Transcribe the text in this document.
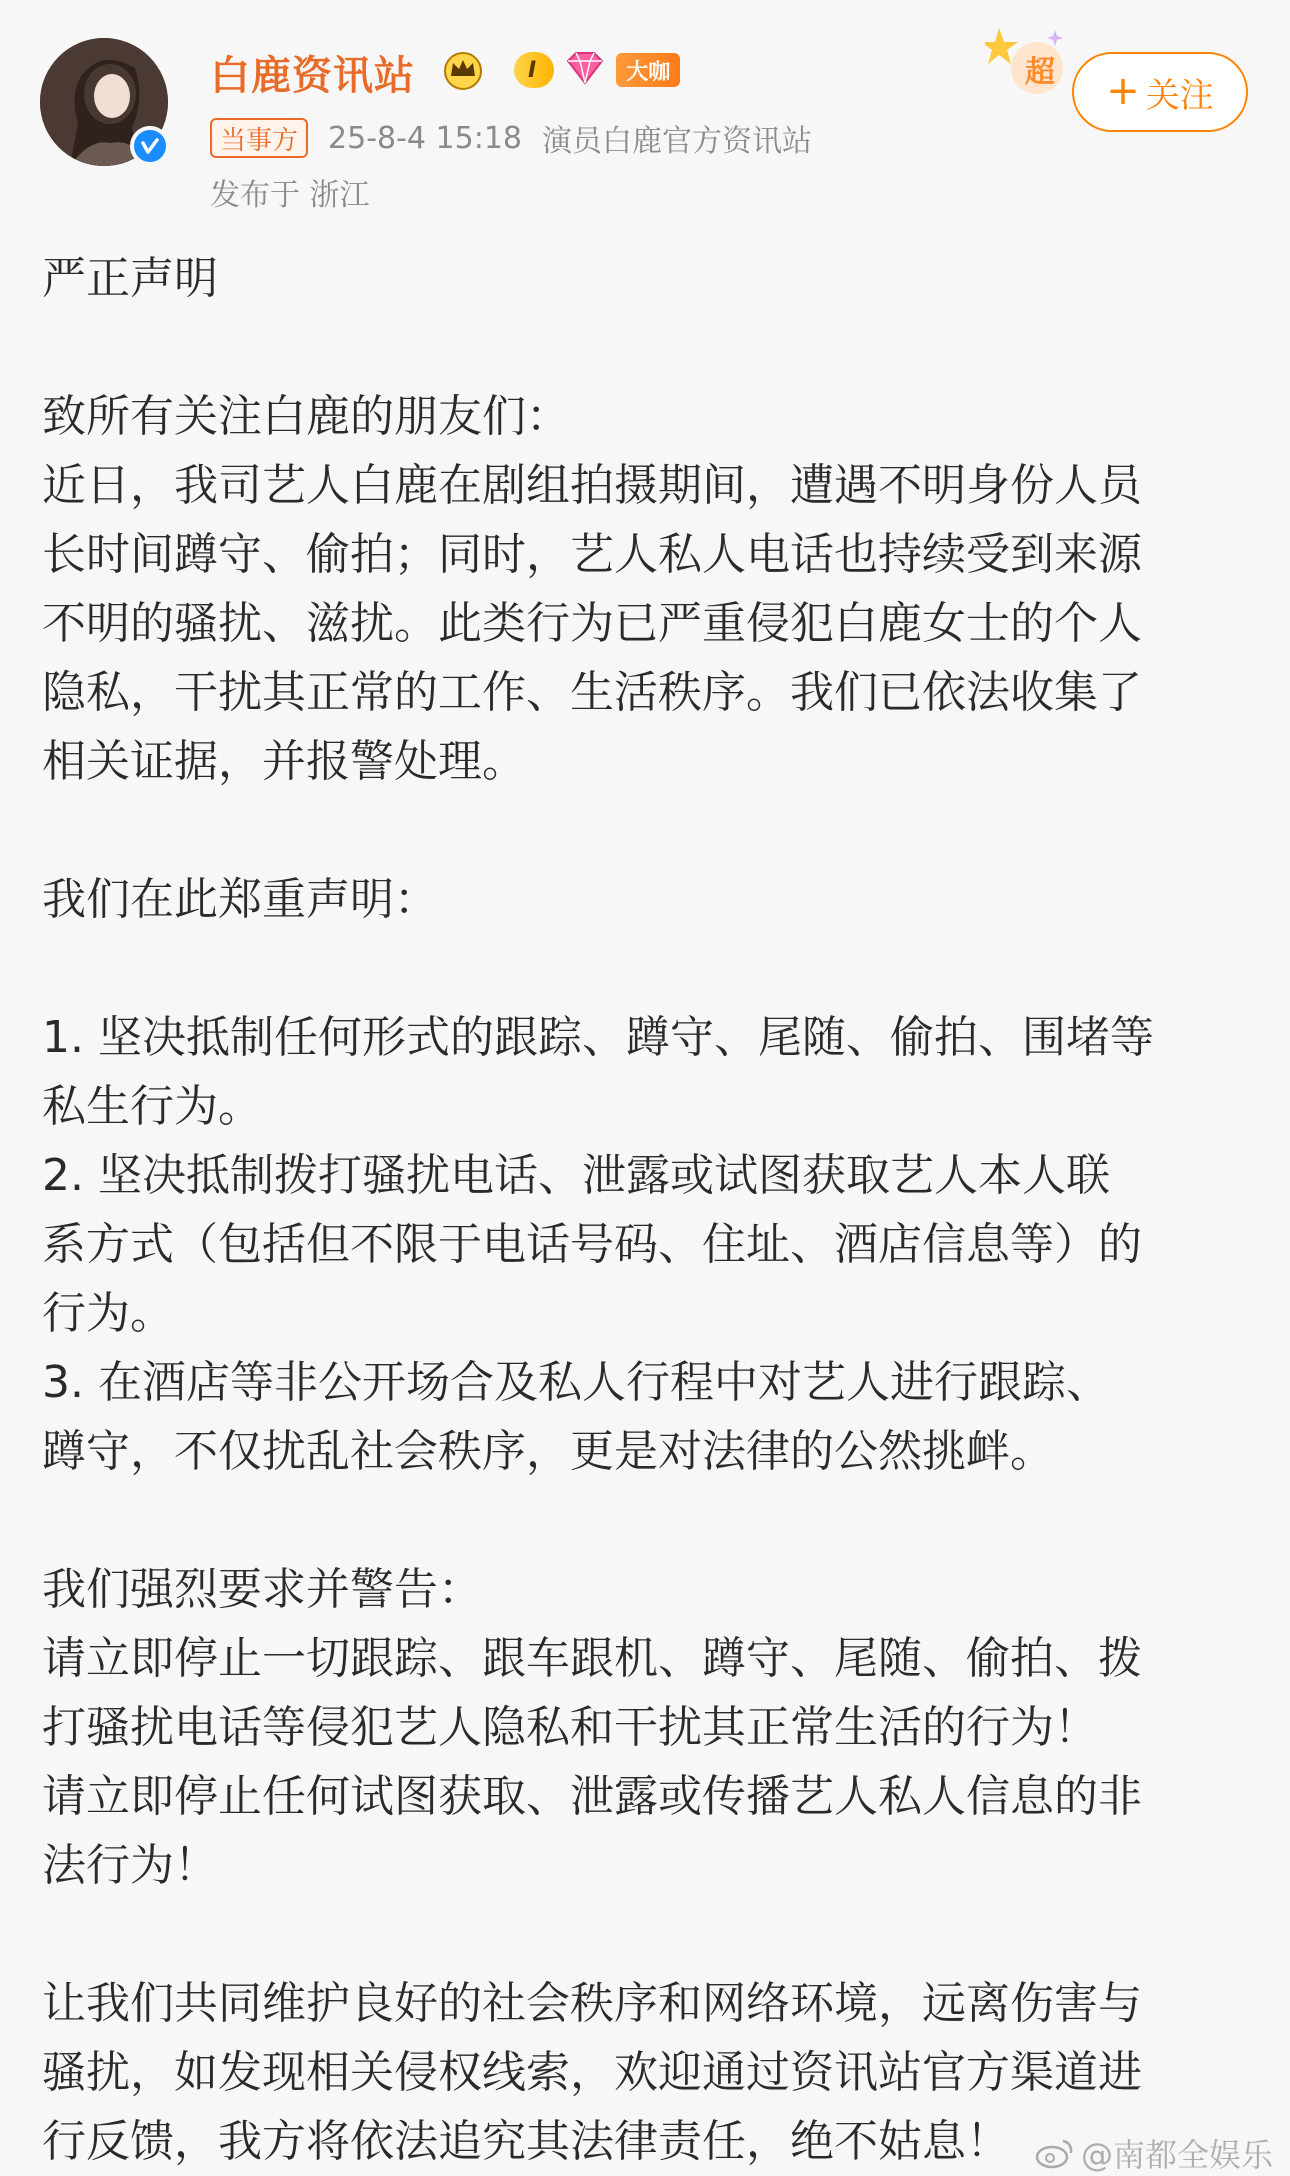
白鹿资讯站	I	大咖
当事方	25-8-4 15:18 演员白鹿官方资讯站
发布于 浙江
超 + 关注

严正声明

致所有关注白鹿的朋友们：

近日，我司艺人白鹿在剧组拍摄期间，遭遇不明身份人员

长时间蹲守、偷拍；同时，艺人私人电话也持续受到来源

不明的骚扰、滋扰。此类行为已严重侵犯白鹿女士的个人

隐私，干扰其正常的工作、生活秩序。我们已依法收集了

相关证据，并报警处理。

我们在此郑重声明：

1. 坚决抵制任何形式的跟踪、蹲守、尾随、偷拍、围堵等

私生行为。

2. 坚决抵制拨打骚扰电话、泄露或试图获取艺人本人联

系方式（包括但不限于电话号码、住址、酒店信息等）的

行为。

3. 在酒店等非公开场合及私人行程中对艺人进行跟踪、

蹲守，不仅扰乱社会秩序，更是对法律的公然挑衅。

我们强烈要求并警告：

请立即停止一切跟踪、跟车跟机、蹲守、尾随、偷拍、拨

打骚扰电话等侵犯艺人隐私和干扰其正常生活的行为！

请立即停止任何试图获取、泄露或传播艺人私人信息的非

法行为！

让我们共同维护良好的社会秩序和网络环境，远离伤害与

骚扰，如发现相关侵权线索，欢迎通过资讯站官方渠道进

行反馈，我方将依法追究其法律责任，绝不姑息！	@南都全娱乐
